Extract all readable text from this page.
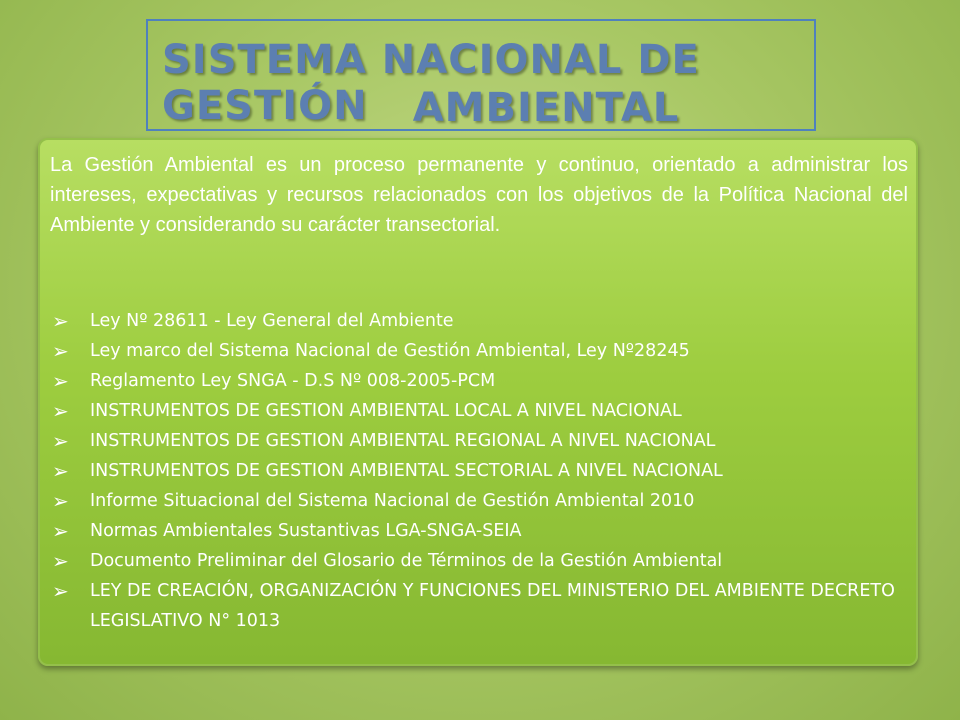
SISTEMA NACIONAL DE GESTIÓN	AMBIENTAL
La Gestión Ambiental es un proceso permanente y continuo, orientado a administrar los intereses, expectativas y recursos relacionados con los objetivos de la Política Nacional del Ambiente y considerando su carácter transectorial.
➢ Ley Nº 28611 - Ley General del Ambiente
➢ Ley marco del Sistema Nacional de Gestión Ambiental, Ley Nº28245
➢ Reglamento Ley SNGA - D.S Nº 008-2005-PCM
➢ INSTRUMENTOS DE GESTION AMBIENTAL LOCAL A NIVEL NACIONAL
➢ INSTRUMENTOS DE GESTION AMBIENTAL REGIONAL A NIVEL NACIONAL
➢ INSTRUMENTOS DE GESTION AMBIENTAL SECTORIAL A NIVEL NACIONAL
➢ Informe Situacional del Sistema Nacional de Gestión Ambiental 2010
➢ Normas Ambientales Sustantivas LGA-SNGA-SEIA
➢ Documento Preliminar del Glosario de Términos de la Gestión Ambiental
➢ LEY DE CREACIÓN, ORGANIZACIÓN Y FUNCIONES DEL MINISTERIO DEL AMBIENTE DECRETO LEGISLATIVO N° 1013
